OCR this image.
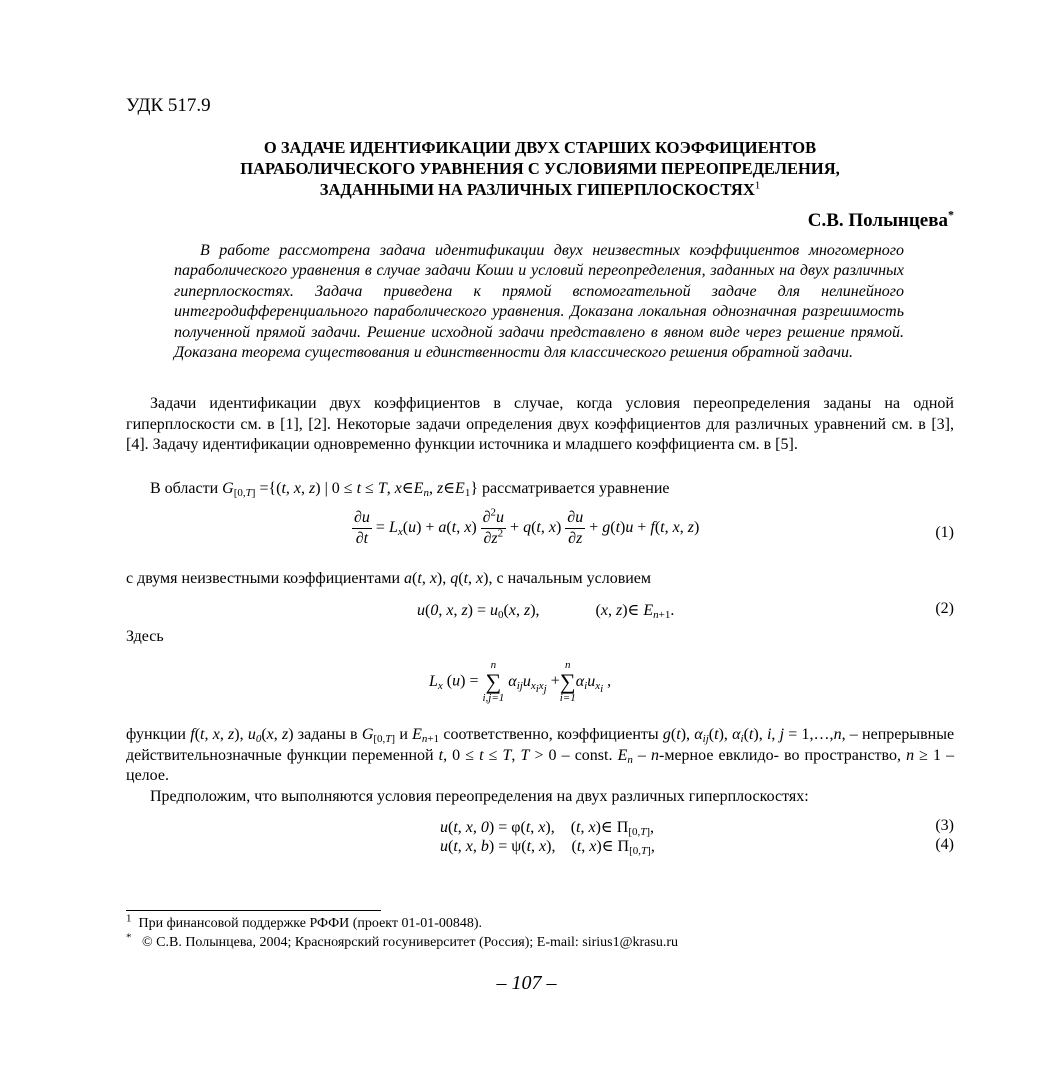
УДК 517.9
О ЗАДАЧЕ ИДЕНТИФИКАЦИИ ДВУХ СТАРШИХ КОЭФФИЦИЕНТОВ
ПАРАБОЛИЧЕСКОГО УРАВНЕНИЯ С УСЛОВИЯМИ ПЕРЕОПРЕДЕЛЕНИЯ,
ЗАДАННЫМИ НА РАЗЛИЧНЫХ ГИПЕРПЛОСКОСТЯХ$^1$
С.В. Полынцева*
В работе рассмотрена задача идентификации двух неизвестных коэффициентов многомерного параболического уравнения в случае задачи Коши и условий переопределения, заданных на двух различных гиперплоскостях. Задача приведена к прямой вспомогательной задаче для нелинейного интегродифференциального параболического уравнения. Доказана локальная однозначная разрешимость полученной прямой задачи. Решение исходной задачи представлено в явном виде через решение прямой. Доказана теорема существования и единственности для классического решения обратной задачи.
Задачи идентификации двух коэффициентов в случае, когда условия переопределения заданы на одной гиперплоскости см. в [1], [2]. Некоторые задачи определения двух коэффициентов для различных уравнений см. в [3], [4]. Задачу идентификации одновременно функции источника и младшего коэффициента см. в [5].
В области $G_{[0,T]} =\{(t$, x, z) | 0 ≤ t ≤ T, $x\in E_n$, $z\in E_1$} рассматривается уравнение
$\frac{\partial u}{\partial t} = L_x(u) + a(t$, $x) \frac{\partial^2u}{\partial z^2} + q(t$, $x) \frac{\partial u}{\partial z} + g(t)u + f(t$, x, z)	(1)
с двумя неизвестными коэффициентами a(t, x), q(t, x), с начальным условием
u(0, x, $z) = u_0(x$, z),	(x, z)∈ $E_{n+1}$.	(2)
Здесь
$L_x$ (u) =
n
∑
i,j=1
$\alpha_{ij}u_{x_ix_j}$ +
n
∑
i=1
$\alpha_iu_{x_i}$ ,
функции f(t, x, z), $u_0(x$, z) заданы в $G_{[0,T]}$ и $E_{n+1}$ соответственно, коэффициенты g(t), $\alpha_{ij}(t)$, $\alpha_i(t)$, i, j = 1,…,n, – непрерывные действительнозначные функции переменной t, 0 ≤ t ≤ T, T > 0 – const. $E_n$ – n-мерное евклидо- во пространство, n ≥ 1 – целое.
Предположим, что выполняются условия переопределения на двух различных гиперплоскостях:
u(t, x, 0) = φ(t, x),    (t, x)∈ $\Pi_{[0,T]}$,	(3)
u(t, x, b) = ψ(t, x),    (t, x)∈ $\Pi_{[0,T]}$,	(4)
$^1$ При финансовой поддержке РФФИ (проект 01-01-00848).
* © С.В. Полынцева, 2004; Красноярский госуниверситет (Россия); E-mail: sirius1@krasu.ru
– 107 –
